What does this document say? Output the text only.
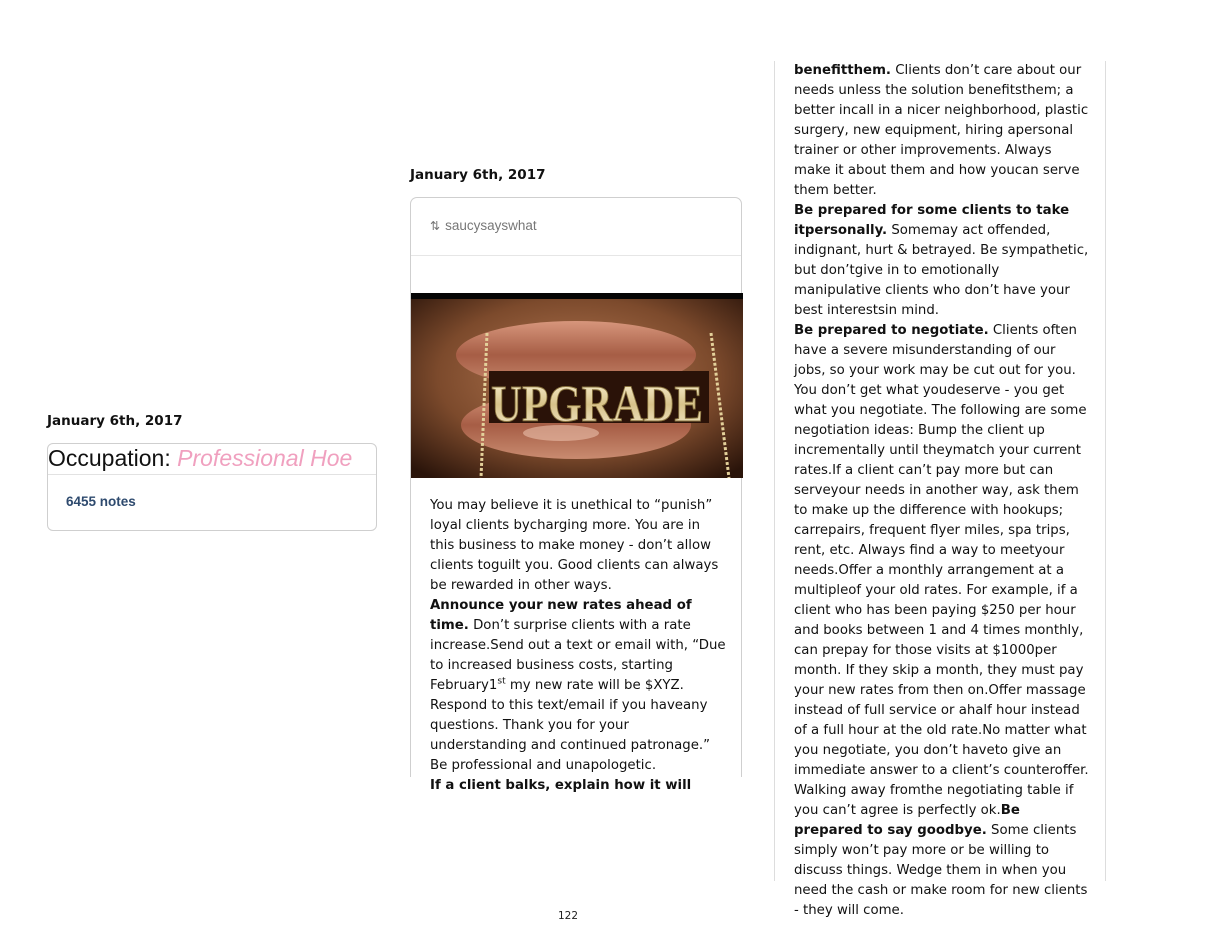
January 6th, 2017
Occupation: Professional Hoe
6455 notes
January 6th, 2017
⇅ saucysayswhat
UPGRADE

You may believe it is unethical to “punish” loyal clients bycharging more. You are in this business to make money - don’t allow clients toguilt you. Good clients can always be rewarded in other ways.

Announce your new rates ahead of time. Don’t surprise clients with a rate increase.Send out a text or email with, “Due to increased business costs, starting February1st my new rate will be $XYZ. Respond to this text/email if you haveany questions. Thank you for your understanding and continued patronage.” Be professional and unapologetic.

If a client balks, explain how it will

benefitthem. Clients don’t care about our needs unless the solution benefitsthem; a better incall in a nicer neighborhood, plastic surgery, new equipment, hiring apersonal trainer or other improvements. Always make it about them and how youcan serve them better.

Be prepared for some clients to take itpersonally. Somemay act offended, indignant, hurt & betrayed. Be sympathetic, but don’tgive in to emotionally manipulative clients who don’t have your best interestsin mind.

Be prepared to negotiate. Clients often have a severe misunderstanding of our jobs, so your work may be cut out for you. You don’t get what youdeserve - you get what you negotiate. The following are some negotiation ideas: Bump the client up incrementally until theymatch your current rates.If a client can’t pay more but can serveyour needs in another way, ask them to make up the difference with hookups; carrepairs, frequent flyer miles, spa trips, rent, etc. Always find a way to meetyour needs.Offer a monthly arrangement at a multipleof your old rates. For example, if a client who has been paying $250 per hour and books between 1 and 4 times monthly, can prepay for those visits at $1000per month. If they skip a month, they must pay your new rates from then on.Offer massage instead of full service or ahalf hour instead of a full hour at the old rate.No matter what you negotiate, you don’t haveto give an immediate answer to a client’s counteroffer. Walking away fromthe negotiating table if you can’t agree is perfectly ok.Be prepared to say goodbye. Some clients simply won’t pay more or be willing to discuss things. Wedge them in when you need the cash or make room for new clients - they will come.

122
